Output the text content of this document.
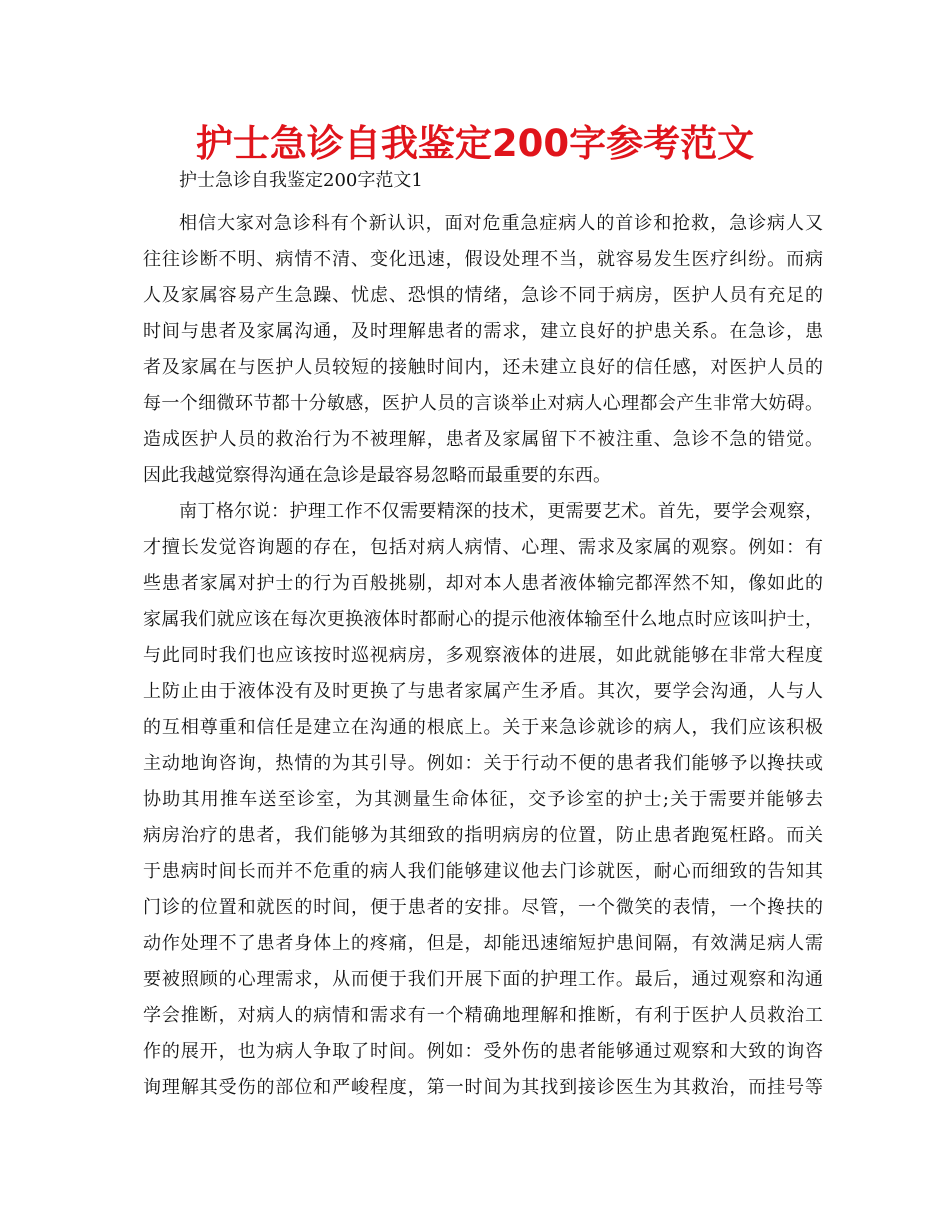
护士急诊自我鉴定200字参考范文

护士急诊自我鉴定200字范文1

相信大家对急诊科有个新认识，面对危重急症病人的首诊和抢救，急诊病人又
往往诊断不明、病情不清、变化迅速，假设处理不当，就容易发生医疗纠纷。而病
人及家属容易产生急躁、忧虑、恐惧的情绪，急诊不同于病房，医护人员有充足的
时间与患者及家属沟通，及时理解患者的需求，建立良好的护患关系。在急诊，患
者及家属在与医护人员较短的接触时间内，还未建立良好的信任感，对医护人员的
每一个细微环节都十分敏感，医护人员的言谈举止对病人心理都会产生非常大妨碍。
造成医护人员的救治行为不被理解，患者及家属留下不被注重、急诊不急的错觉。
因此我越觉察得沟通在急诊是最容易忽略而最重要的东西。
南丁格尔说：护理工作不仅需要精深的技术，更需要艺术。首先，要学会观察，
才擅长发觉咨询题的存在，包括对病人病情、心理、需求及家属的观察。例如：有
些患者家属对护士的行为百般挑剔，却对本人患者液体输完都浑然不知，像如此的
家属我们就应该在每次更换液体时都耐心的提示他液体输至什么地点时应该叫护士，
与此同时我们也应该按时巡视病房，多观察液体的进展，如此就能够在非常大程度
上防止由于液体没有及时更换了与患者家属产生矛盾。其次，要学会沟通，人与人
的互相尊重和信任是建立在沟通的根底上。关于来急诊就诊的病人，我们应该积极
主动地询咨询，热情的为其引导。例如：关于行动不便的患者我们能够予以搀扶或
协助其用推车送至诊室，为其测量生命体征，交予诊室的护士;关于需要并能够去
病房治疗的患者，我们能够为其细致的指明病房的位置，防止患者跑冤枉路。而关
于患病时间长而并不危重的病人我们能够建议他去门诊就医，耐心而细致的告知其
门诊的位置和就医的时间，便于患者的安排。尽管，一个微笑的表情，一个搀扶的
动作处理不了患者身体上的疼痛，但是，却能迅速缩短护患间隔，有效满足病人需
要被照顾的心理需求，从而便于我们开展下面的护理工作。最后，通过观察和沟通
学会推断，对病人的病情和需求有一个精确地理解和推断，有利于医护人员救治工
作的展开，也为病人争取了时间。例如：受外伤的患者能够通过观察和大致的询咨
询理解其受伤的部位和严峻程度，第一时间为其找到接诊医生为其救治，而挂号等
